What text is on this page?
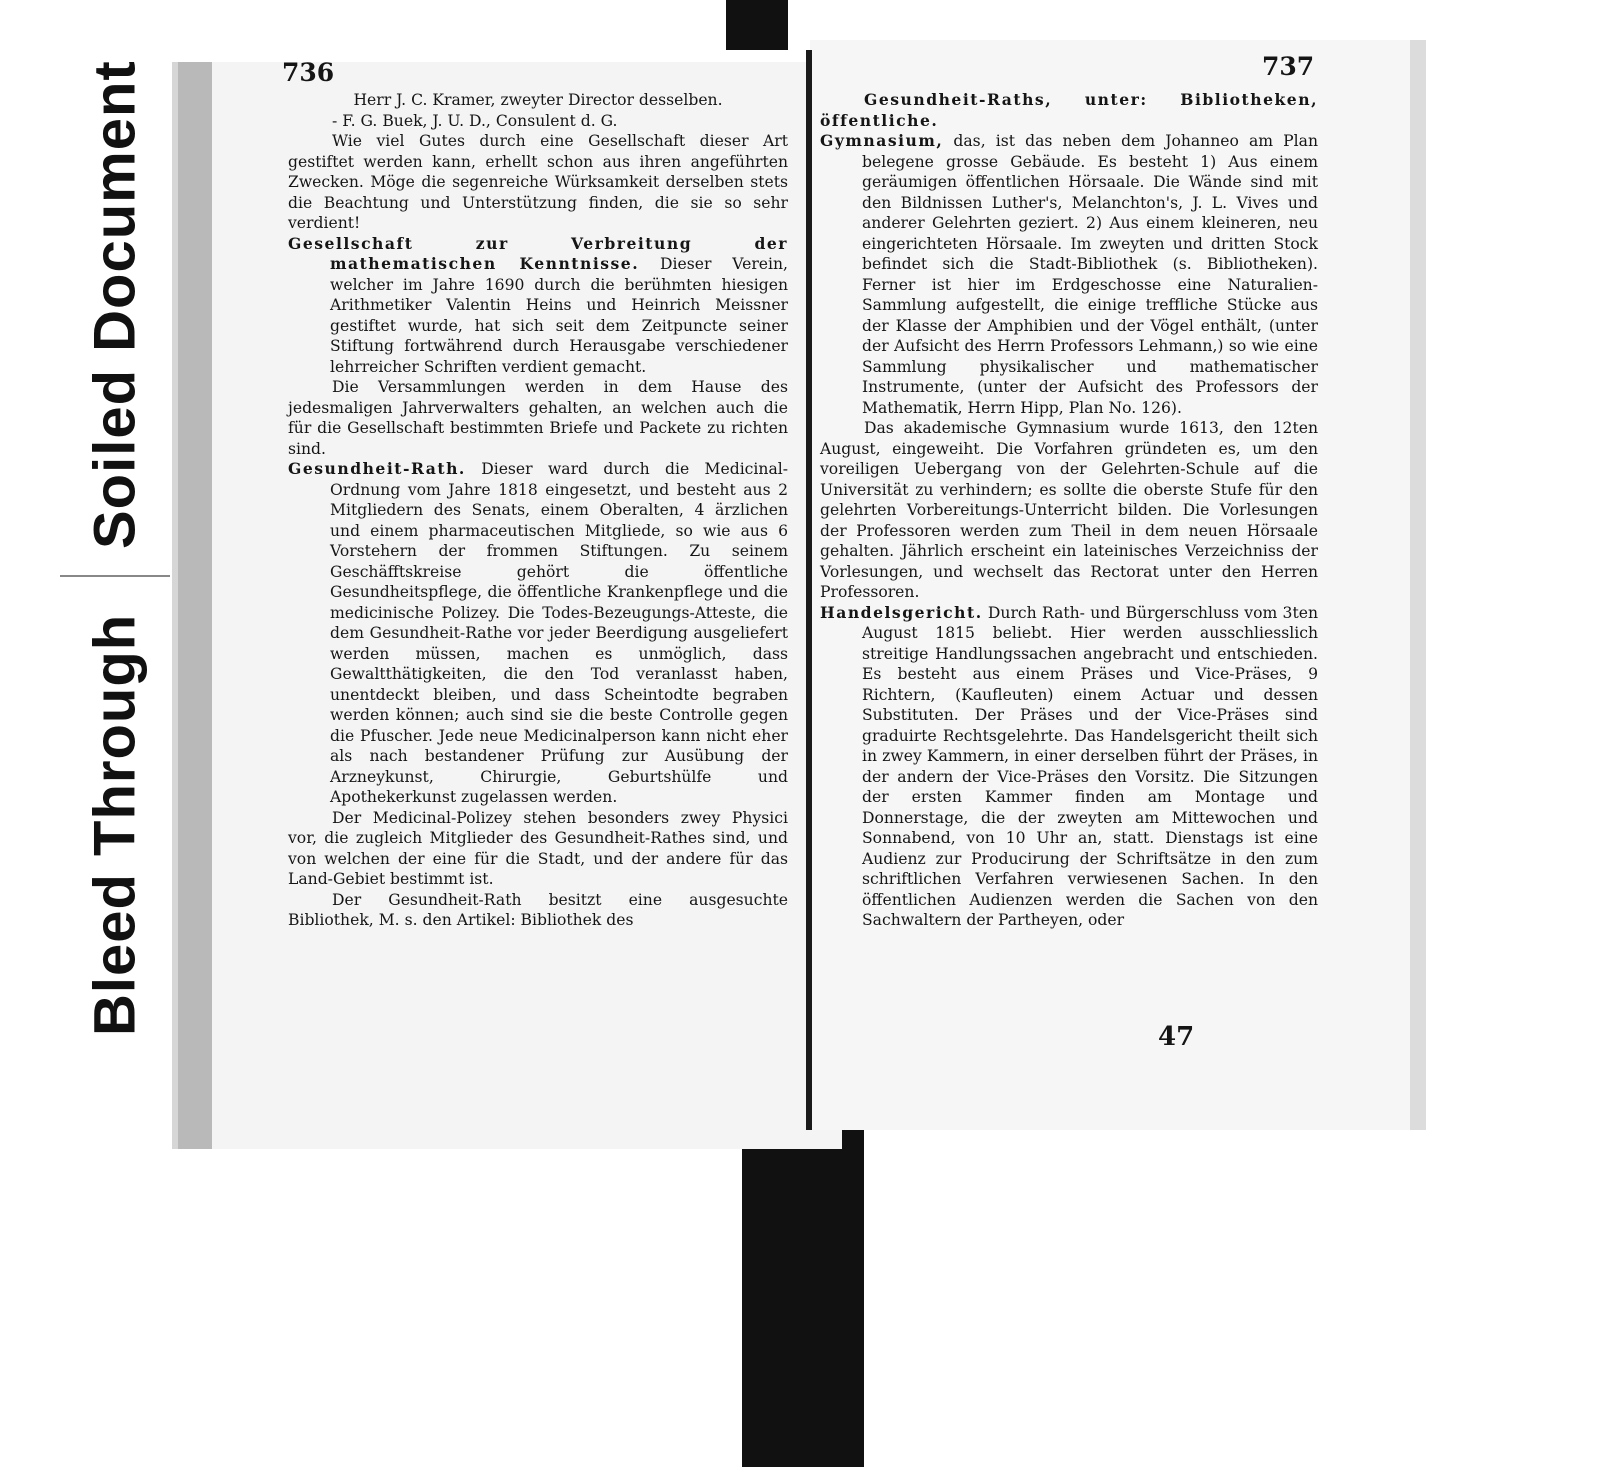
Soiled Document
Bleed Through

736	737

Herr J. C. Kramer, zweyter Director desselben.

- F. G. Buek, J. U. D., Consulent d. G.

Wie viel Gutes durch eine Gesellschaft dieser Art gestiftet werden kann, erhellt schon aus ihren angeführten Zwecken. Möge die segenreiche Würksamkeit derselben stets die Beachtung und Unterstützung finden, die sie so sehr verdient!

Gesellschaft zur Verbreitung der mathematischen Kenntnisse. Dieser Verein, welcher im Jahre 1690 durch die berühmten hiesigen Arithmetiker Valentin Heins und Heinrich Meissner gestiftet wurde, hat sich seit dem Zeitpuncte seiner Stiftung fortwährend durch Herausgabe verschiedener lehrreicher Schriften verdient gemacht.

Die Versammlungen werden in dem Hause des jedesmaligen Jahrverwalters gehalten, an welchen auch die für die Gesellschaft bestimmten Briefe und Packete zu richten sind.

Gesundheit-Rath. Dieser ward durch die Medicinal-Ordnung vom Jahre 1818 eingesetzt, und besteht aus 2 Mitgliedern des Senats, einem Oberalten, 4 ärzlichen und einem pharmaceutischen Mitgliede, so wie aus 6 Vorstehern der frommen Stiftungen. Zu seinem Geschäfftskreise gehört die öffentliche Gesundheitspflege, die öffentliche Krankenpflege und die medicinische Polizey. Die Todes-Bezeugungs-Atteste, die dem Gesundheit-Rathe vor jeder Beerdigung ausgeliefert werden müssen, machen es unmöglich, dass Gewaltthätigkeiten, die den Tod veranlasst haben, unentdeckt bleiben, und dass Scheintodte begraben werden können; auch sind sie die beste Controlle gegen die Pfuscher. Jede neue Medicinalperson kann nicht eher als nach bestandener Prüfung zur Ausübung der Arzneykunst, Chirurgie, Geburtshülfe und Apothekerkunst zugelassen werden.

Der Medicinal-Polizey stehen besonders zwey Physici vor, die zugleich Mitglieder des Gesundheit-Rathes sind, und von welchen der eine für die Stadt, und der andere für das Land-Gebiet bestimmt ist.

Der Gesundheit-Rath besitzt eine ausgesuchte Bibliothek, M. s. den Artikel: Bibliothek des

Gesundheit-Raths, unter: Bibliotheken, öffentliche.

Gymnasium, das, ist das neben dem Johanneo am Plan belegene grosse Gebäude. Es besteht 1) Aus einem geräumigen öffentlichen Hörsaale. Die Wände sind mit den Bildnissen Luther's, Melanchton's, J. L. Vives und anderer Gelehrten geziert. 2) Aus einem kleineren, neu eingerichteten Hörsaale. Im zweyten und dritten Stock befindet sich die Stadt-Bibliothek (s. Bibliotheken). Ferner ist hier im Erdgeschosse eine Naturalien-Sammlung aufgestellt, die einige treffliche Stücke aus der Klasse der Amphibien und der Vögel enthält, (unter der Aufsicht des Herrn Professors Lehmann,) so wie eine Sammlung physikalischer und mathematischer Instrumente, (unter der Aufsicht des Professors der Mathematik, Herrn Hipp, Plan No. 126).

Das akademische Gymnasium wurde 1613, den 12ten August, eingeweiht. Die Vorfahren gründeten es, um den voreiligen Uebergang von der Gelehrten-Schule auf die Universität zu verhindern; es sollte die oberste Stufe für den gelehrten Vorbereitungs-Unterricht bilden. Die Vorlesungen der Professoren werden zum Theil in dem neuen Hörsaale gehalten. Jährlich erscheint ein lateinisches Verzeichniss der Vorlesungen, und wechselt das Rectorat unter den Herren Professoren.

Handelsgericht. Durch Rath- und Bürgerschluss vom 3ten August 1815 beliebt. Hier werden ausschliesslich streitige Handlungssachen angebracht und entschieden. Es besteht aus einem Präses und Vice-Präses, 9 Richtern, (Kaufleuten) einem Actuar und dessen Substituten. Der Präses und der Vice-Präses sind graduirte Rechtsgelehrte. Das Handelsgericht theilt sich in zwey Kammern, in einer derselben führt der Präses, in der andern der Vice-Präses den Vorsitz. Die Sitzungen der ersten Kammer finden am Montage und Donnerstage, die der zweyten am Mittewochen und Sonnabend, von 10 Uhr an, statt. Dienstags ist eine Audienz zur Producirung der Schriftsätze in den zum schriftlichen Verfahren verwiesenen Sachen. In den öffentlichen Audienzen werden die Sachen von den Sachwaltern der Partheyen, oder

47
